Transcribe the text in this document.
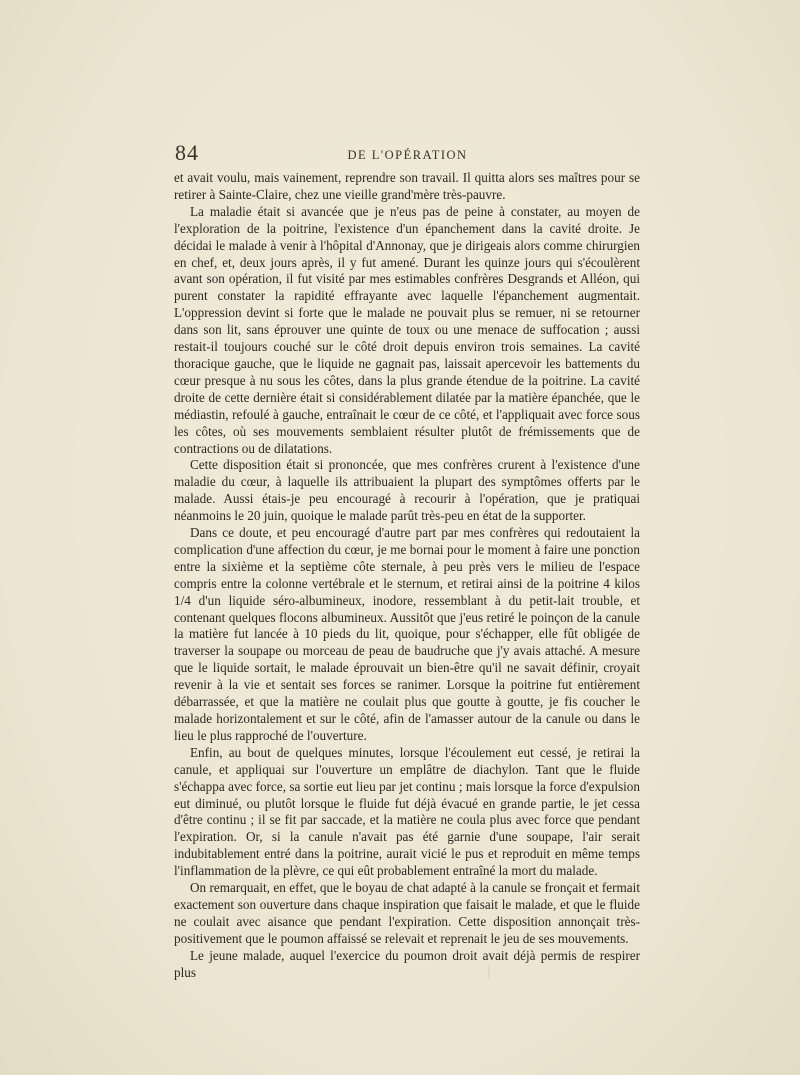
84	DE L'OPÉRATION

et avait voulu, mais vainement, reprendre son travail. Il quitta alors ses maîtres pour se retirer à Sainte-Claire, chez une vieille grand'mère très-pauvre.

La maladie était si avancée que je n'eus pas de peine à constater, au moyen de l'exploration de la poitrine, l'existence d'un épanchement dans la cavité droite. Je décidai le malade à venir à l'hôpital d'Annonay, que je dirigeais alors comme chirurgien en chef, et, deux jours après, il y fut amené. Durant les quinze jours qui s'écoulèrent avant son opération, il fut visité par mes estimables confrères Desgrands et Alléon, qui purent constater la rapidité effrayante avec laquelle l'épanchement augmentait. L'oppression devint si forte que le malade ne pouvait plus se remuer, ni se retourner dans son lit, sans éprouver une quinte de toux ou une menace de suffocation ; aussi restait-il toujours couché sur le côté droit depuis environ trois semaines. La cavité thoracique gauche, que le liquide ne gagnait pas, laissait apercevoir les battements du cœur presque à nu sous les côtes, dans la plus grande étendue de la poitrine. La cavité droite de cette dernière était si considérablement dilatée par la matière épanchée, que le médiastin, refoulé à gauche, entraînait le cœur de ce côté, et l'appliquait avec force sous les côtes, où ses mouvements semblaient résulter plutôt de frémissements que de contractions ou de dilatations.

Cette disposition était si prononcée, que mes confrères crurent à l'existence d'une maladie du cœur, à laquelle ils attribuaient la plupart des symptômes offerts par le malade. Aussi étais-je peu encouragé à recourir à l'opération, que je pratiquai néanmoins le 20 juin, quoique le malade parût très-peu en état de la supporter.

Dans ce doute, et peu encouragé d'autre part par mes confrères qui redoutaient la complication d'une affection du cœur, je me bornai pour le moment à faire une ponction entre la sixième et la septième côte sternale, à peu près vers le milieu de l'espace compris entre la colonne vertébrale et le sternum, et retirai ainsi de la poitrine 4 kilos 1/4 d'un liquide séro-albumineux, inodore, ressemblant à du petit-lait trouble, et contenant quelques flocons albumineux. Aussitôt que j'eus retiré le poinçon de la canule la matière fut lancée à 10 pieds du lit, quoique, pour s'échapper, elle fût obligée de traverser la soupape ou morceau de peau de baudruche que j'y avais attaché. A mesure que le liquide sortait, le malade éprouvait un bien-être qu'il ne savait définir, croyait revenir à la vie et sentait ses forces se ranimer. Lorsque la poitrine fut entièrement débarrassée, et que la matière ne coulait plus que goutte à goutte, je fis coucher le malade horizontalement et sur le côté, afin de l'amasser autour de la canule ou dans le lieu le plus rapproché de l'ouverture.

Enfin, au bout de quelques minutes, lorsque l'écoulement eut cessé, je retirai la canule, et appliquai sur l'ouverture un emplâtre de diachylon. Tant que le fluide s'échappa avec force, sa sortie eut lieu par jet continu ; mais lorsque la force d'expulsion eut diminué, ou plutôt lorsque le fluide fut déjà évacué en grande partie, le jet cessa d'être continu ; il se fit par saccade, et la matière ne coula plus avec force que pendant l'expiration. Or, si la canule n'avait pas été garnie d'une soupape, l'air serait indubitablement entré dans la poitrine, aurait vicié le pus et reproduit en même temps l'inflammation de la plèvre, ce qui eût probablement entraîné la mort du malade.

On remarquait, en effet, que le boyau de chat adapté à la canule se fronçait et fermait exactement son ouverture dans chaque inspiration que faisait le malade, et que le fluide ne coulait avec aisance que pendant l'expiration. Cette disposition annonçait très-positivement que le poumon affaissé se relevait et reprenait le jeu de ses mouvements.

Le jeune malade, auquel l'exercice du poumon droit avait déjà permis de respirer plus
